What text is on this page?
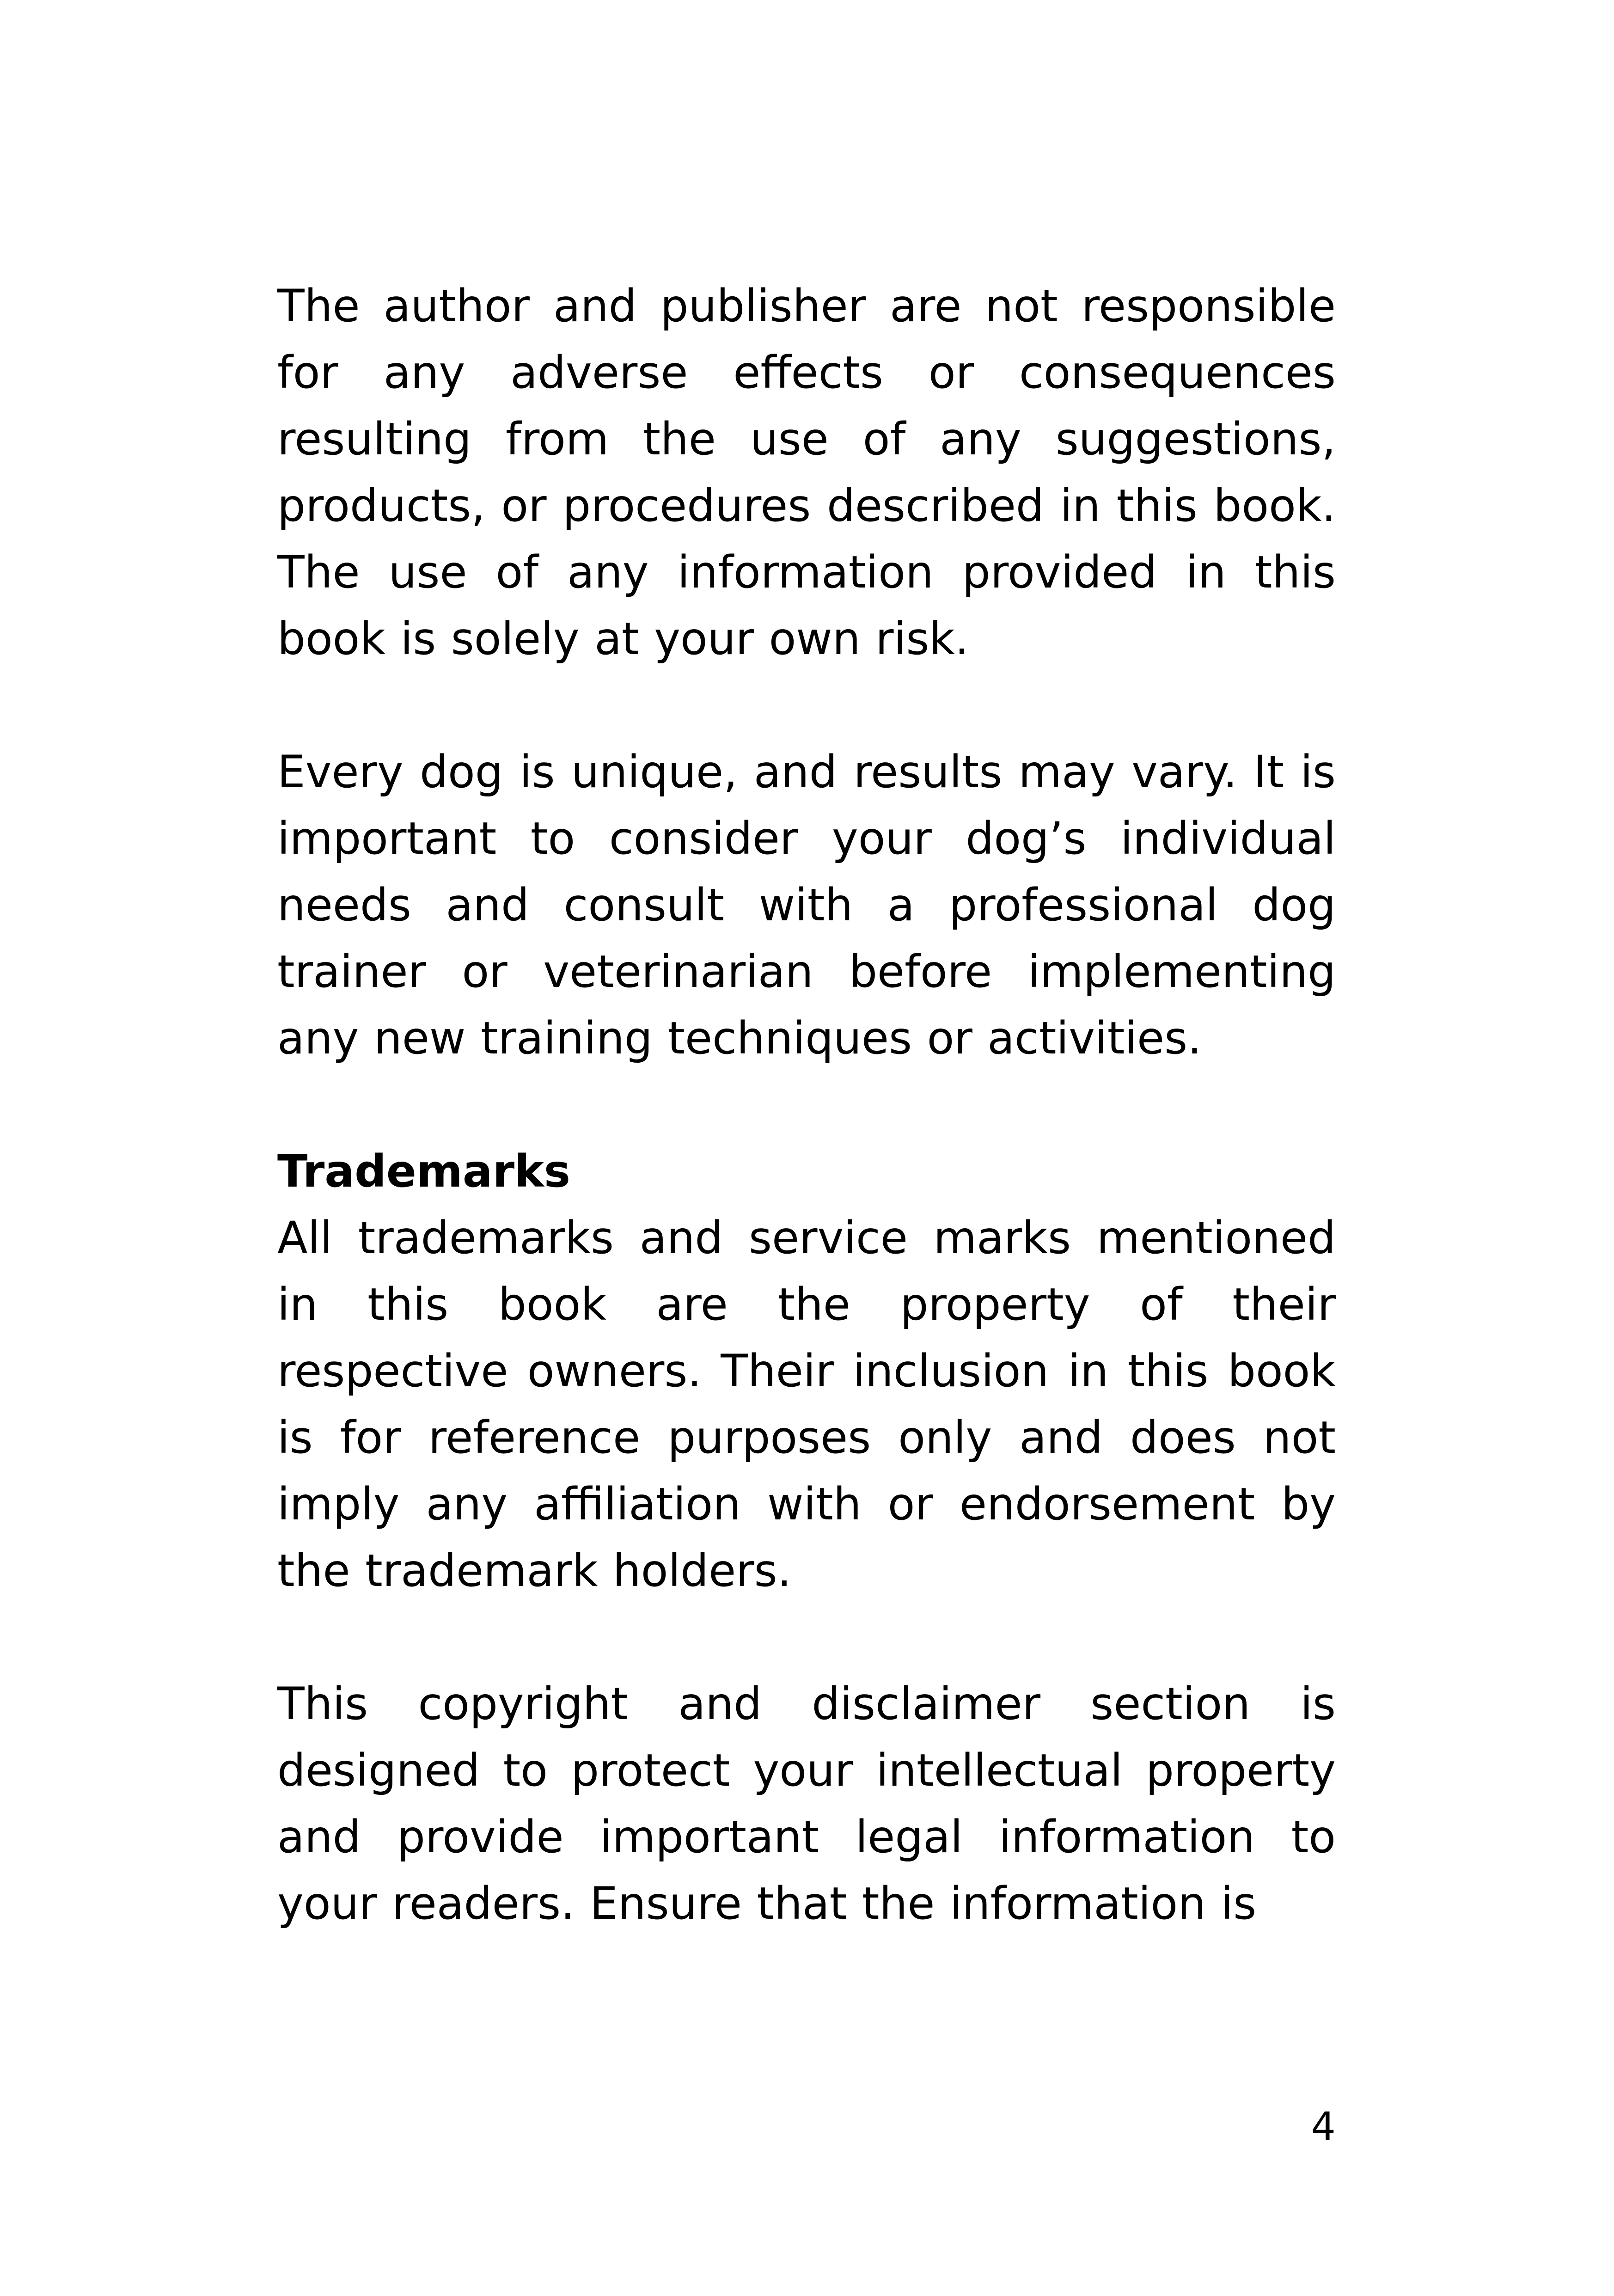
The author and publisher are not responsible for any adverse effects or consequences resulting from the use of any suggestions, products, or procedures described in this book. The use of any information provided in this book is solely at your own risk.

Every dog is unique, and results may vary. It is important to consider your dog’s individual needs and consult with a professional dog trainer or veterinarian before implementing any new training techniques or activities.

Trademarks

All trademarks and service marks mentioned in this book are the property of their respective owners. Their inclusion in this book is for reference purposes only and does not imply any affiliation with or endorsement by the trademark holders.

This copyright and disclaimer section is designed to protect your intellectual property and provide important legal information to your readers. Ensure that the information is

4
